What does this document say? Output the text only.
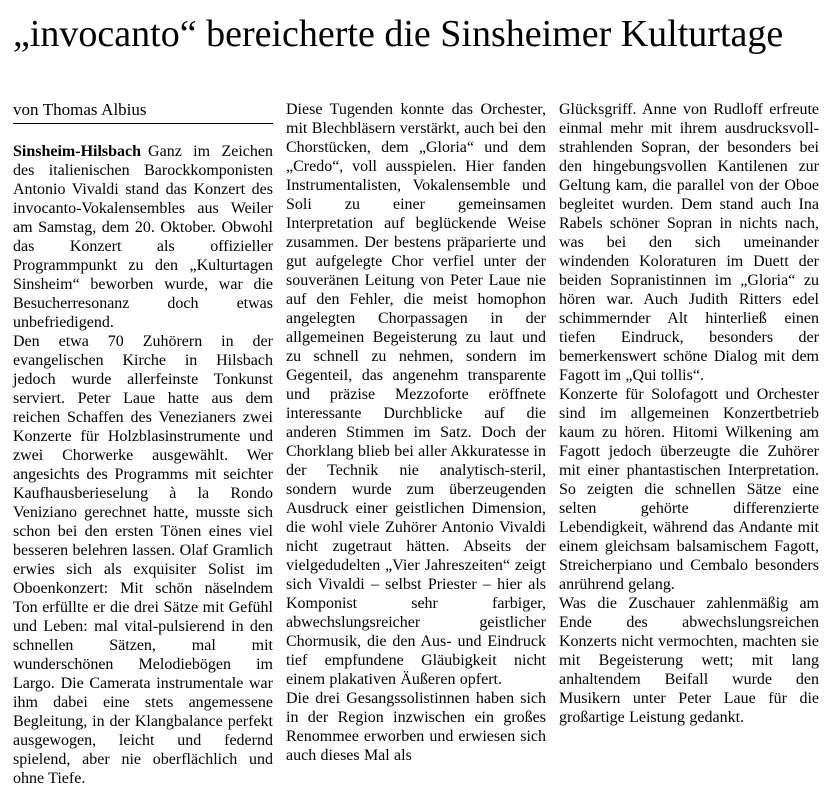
„invocanto“ bereicherte die Sinsheimer Kulturtage
von Thomas Albius

Sinsheim-Hilsbach Ganz im Zeichen des italienischen Barockkomponisten Antonio Vivaldi stand das Konzert des invocanto-Vokalensembles aus Weiler am Samstag, dem 20. Oktober. Obwohl das Konzert als offizieller Programmpunkt zu den „Kulturtagen Sinsheim“ beworben wurde, war die Besucherresonanz doch etwas unbefriedigend.

Den etwa 70 Zuhörern in der evangelischen Kirche in Hilsbach jedoch wurde allerfeinste Tonkunst serviert. Peter Laue hatte aus dem reichen Schaffen des Venezianers zwei Konzerte für Holzblasinstrumente und zwei Chorwerke ausgewählt. Wer angesichts des Programms mit seichter Kaufhausberieselung à la Rondo Veniziano gerechnet hatte, musste sich schon bei den ersten Tönen eines viel besseren belehren lassen. Olaf Gramlich erwies sich als exquisiter Solist im Oboenkonzert: Mit schön näselndem Ton erfüllte er die drei Sätze mit Gefühl und Leben: mal vital-pulsierend in den schnellen Sätzen, mal mit wunderschönen Melodiebögen im Largo. Die Camerata instrumentale war ihm dabei eine stets angemessene Begleitung, in der Klangbalance perfekt ausgewogen, leicht und federnd spielend, aber nie oberflächlich und ohne Tiefe.

Diese Tugenden konnte das Orchester, mit Blechbläsern verstärkt, auch bei den Chorstücken, dem „Gloria“ und dem „Credo“, voll ausspielen. Hier fanden Instrumentalisten, Vokalensemble und Soli zu einer gemeinsamen Interpretation auf beglückende Weise zusammen. Der bestens präparierte und gut aufgelegte Chor verfiel unter der souveränen Leitung von Peter Laue nie auf den Fehler, die meist homophon angelegten Chorpassagen in der allgemeinen Begeisterung zu laut und zu schnell zu nehmen, sondern im Gegenteil, das angenehm transparente und präzise Mezzoforte eröffnete interessante Durchblicke auf die anderen Stimmen im Satz. Doch der Chorklang blieb bei aller Akkuratesse in der Technik nie analytisch-steril, sondern wurde zum überzeugenden Ausdruck einer geistlichen Dimension, die wohl viele Zuhörer Antonio Vivaldi nicht zugetraut hätten. Abseits der vielgedudelten „Vier Jahreszeiten“ zeigt sich Vivaldi – selbst Priester – hier als Komponist sehr farbiger, abwechslungsreicher geistlicher Chormusik, die den Aus- und Eindruck tief empfundene Gläubigkeit nicht einem plakativen Äußeren opfert.

Die drei Gesangssolistinnen haben sich in der Region inzwischen ein großes Renommee erworben und erwiesen sich auch dieses Mal als

Glücksgriff. Anne von Rudloff erfreute einmal mehr mit ihrem ausdrucksvoll-strahlenden Sopran, der besonders bei den hingebungsvollen Kantilenen zur Geltung kam, die parallel von der Oboe begleitet wurden. Dem stand auch Ina Rabels schöner Sopran in nichts nach, was bei den sich umeinander windenden Koloraturen im Duett der beiden Sopranistinnen im „Gloria“ zu hören war. Auch Judith Ritters edel schimmernder Alt hinterließ einen tiefen Eindruck, besonders der bemerkenswert schöne Dialog mit dem Fagott im „Qui tollis“.

Konzerte für Solofagott und Orchester sind im allgemeinen Konzertbetrieb kaum zu hören. Hitomi Wilkening am Fagott jedoch überzeugte die Zuhörer mit einer phantastischen Interpretation. So zeigten die schnellen Sätze eine selten gehörte differenzierte Lebendigkeit, während das Andante mit einem gleichsam balsamischem Fagott, Streicherpiano und Cembalo besonders anrührend gelang.

Was die Zuschauer zahlenmäßig am Ende des abwechslungsreichen Konzerts nicht vermochten, machten sie mit Begeisterung wett; mit lang anhaltendem Beifall wurde den Musikern unter Peter Laue für die großartige Leistung gedankt.
